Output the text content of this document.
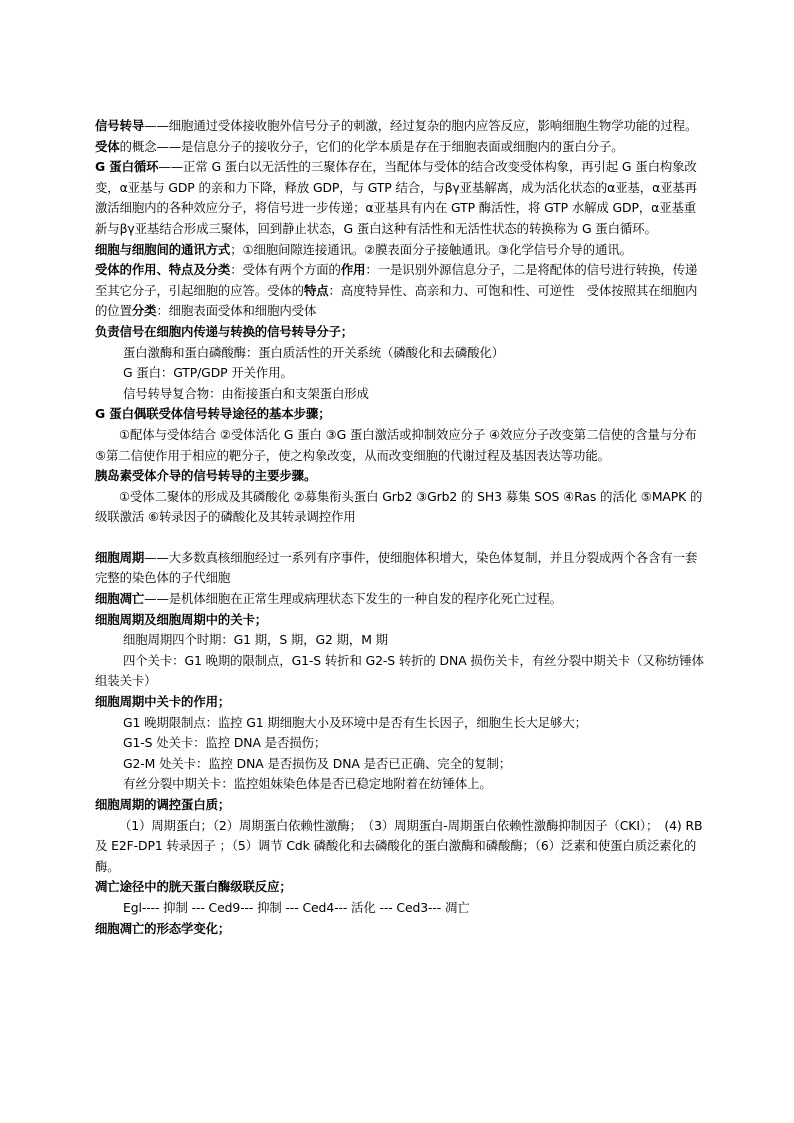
信号转导——细胞通过受体接收胞外信号分子的刺激，经过复杂的胞内应答反应，影响细胞生物学功能的过程。

受体的概念——是信息分子的接收分子，它们的化学本质是存在于细胞表面或细胞内的蛋白分子。

G 蛋白循环——正常 G 蛋白以无活性的三聚体存在，当配体与受体的结合改变受体构象，再引起 G 蛋白构象改变，α亚基与 GDP 的亲和力下降，释放 GDP，与 GTP 结合，与βγ亚基解离，成为活化状态的α亚基，α亚基再激活细胞内的各种效应分子，将信号进一步传递；α亚基具有内在 GTP 酶活性，将 GTP 水解成 GDP，α亚基重新与βγ亚基结合形成三聚体，回到静止状态，G 蛋白这种有活性和无活性状态的转换称为 G 蛋白循环。

细胞与细胞间的通讯方式；①细胞间隙连接通讯。②膜表面分子接触通讯。③化学信号介导的通讯。

受体的作用、特点及分类：受体有两个方面的作用：一是识别外源信息分子，二是将配体的信号进行转换，传递至其它分子，引起细胞的应答。受体的特点：高度特异性、高亲和力、可饱和性、可逆性　受体按照其在细胞内的位置分类：细胞表面受体和细胞内受体

负责信号在细胞内传递与转换的信号转导分子；

蛋白激酶和蛋白磷酸酶：蛋白质活性的开关系统（磷酸化和去磷酸化）

G 蛋白：GTP/GDP 开关作用。

信号转导复合物：由衔接蛋白和支架蛋白形成

G 蛋白偶联受体信号转导途径的基本步骤；

①配体与受体结合 ②受体活化 G 蛋白 ③G 蛋白激活或抑制效应分子 ④效应分子改变第二信使的含量与分布 ⑤第二信使作用于相应的靶分子，使之构象改变，从而改变细胞的代谢过程及基因表达等功能。

胰岛素受体介导的信号转导的主要步骤。

①受体二聚体的形成及其磷酸化 ②募集衔头蛋白 Grb2 ③Grb2 的 SH3 募集 SOS ④Ras 的活化 ⑤MAPK 的级联激活 ⑥转录因子的磷酸化及其转录调控作用

细胞周期——大多数真核细胞经过一系列有序事件，使细胞体积增大，染色体复制，并且分裂成两个各含有一套完整的染色体的子代细胞

细胞凋亡——是机体细胞在正常生理或病理状态下发生的一种自发的程序化死亡过程。

细胞周期及细胞周期中的关卡；

细胞周期四个时期：G1 期，S 期，G2 期，M 期

四个关卡：G1 晚期的限制点，G1-S 转折和 G2-S 转折的 DNA 损伤关卡，有丝分裂中期关卡（又称纺锤体组装关卡）

细胞周期中关卡的作用；

G1 晚期限制点：监控 G1 期细胞大小及环境中是否有生长因子，细胞生长大足够大；

G1-S 处关卡：监控 DNA 是否损伤；

G2-M 处关卡：监控 DNA 是否损伤及 DNA 是否已正确、完全的复制；

有丝分裂中期关卡：监控姐妹染色体是否已稳定地附着在纺锤体上。

细胞周期的调控蛋白质；

（1）周期蛋白；（2）周期蛋白依赖性激酶；　（3）周期蛋白-周期蛋白依赖性激酶抑制因子（CKI）；　(4) RB 及 E2F-DP1 转录因子 ；（5）调节 Cdk 磷酸化和去磷酸化的蛋白激酶和磷酸酶；（6）泛素和使蛋白质泛素化的酶。

凋亡途径中的胱天蛋白酶级联反应；

Egl---- 抑制 --- Ced9--- 抑制 --- Ced4--- 活化 --- Ced3--- 凋亡

细胞凋亡的形态学变化；
